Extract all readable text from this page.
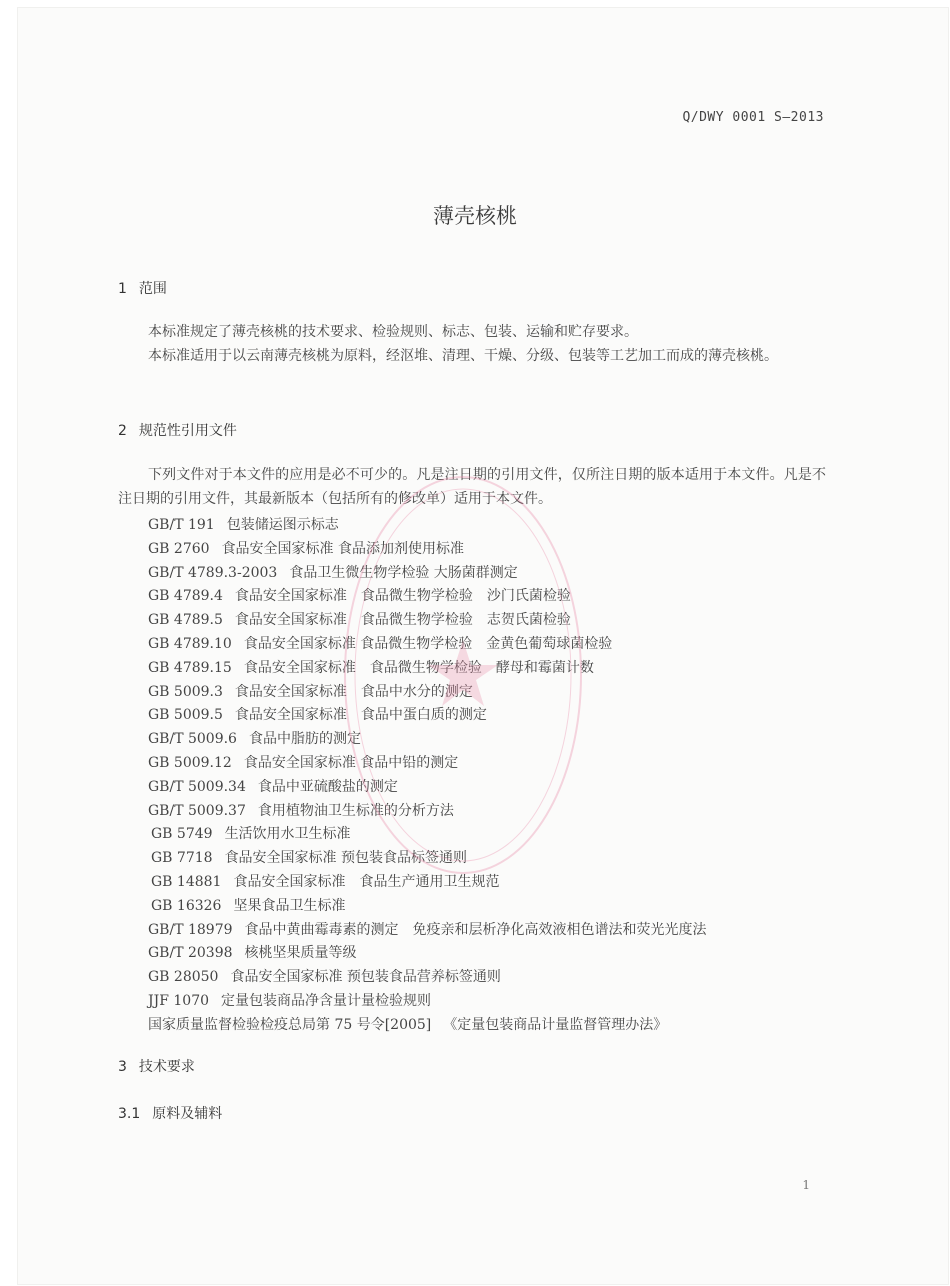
Q/DWY 0001 S—2013
薄壳核桃
1 范围
本标准规定了薄壳核桃的技术要求、检验规则、标志、包装、运输和贮存要求。
本标准适用于以云南薄壳核桃为原料，经沤堆、清理、干燥、分级、包装等工艺加工而成的薄壳核桃。
2 规范性引用文件
下列文件对于本文件的应用是必不可少的。凡是注日期的引用文件，仅所注日期的版本适用于本文件。凡是不注日期的引用文件，其最新版本（包括所有的修改单）适用于本文件。
GB/T 191 包装储运图示标志
GB 2760 食品安全国家标准 食品添加剂使用标准
GB/T 4789.3-2003 食品卫生微生物学检验 大肠菌群测定
GB 4789.4 食品安全国家标准　食品微生物学检验　沙门氏菌检验
GB 4789.5 食品安全国家标准　食品微生物学检验　志贺氏菌检验
GB 4789.10 食品安全国家标准 食品微生物学检验　金黄色葡萄球菌检验
GB 4789.15 食品安全国家标准　食品微生物学检验　酵母和霉菌计数
GB 5009.3 食品安全国家标准　食品中水分的测定
GB 5009.5 食品安全国家标准　食品中蛋白质的测定
GB/T 5009.6 食品中脂肪的测定
GB 5009.12 食品安全国家标准 食品中铅的测定
GB/T 5009.34 食品中亚硫酸盐的测定
GB/T 5009.37 食用植物油卫生标准的分析方法
GB 5749 生活饮用水卫生标准
GB 7718 食品安全国家标准 预包装食品标签通则
GB 14881 食品安全国家标准　食品生产通用卫生规范
GB 16326 坚果食品卫生标准
GB/T 18979 食品中黄曲霉毒素的测定　免疫亲和层析净化高效液相色谱法和荧光光度法
GB/T 20398 核桃坚果质量等级
GB 28050 食品安全国家标准 预包装食品营养标签通则
JJF 1070 定量包装商品净含量计量检验规则
国家质量监督检验检疫总局第 75 号令[2005] 《定量包装商品计量监督管理办法》
3 技术要求
3.1 原料及辅料
1
